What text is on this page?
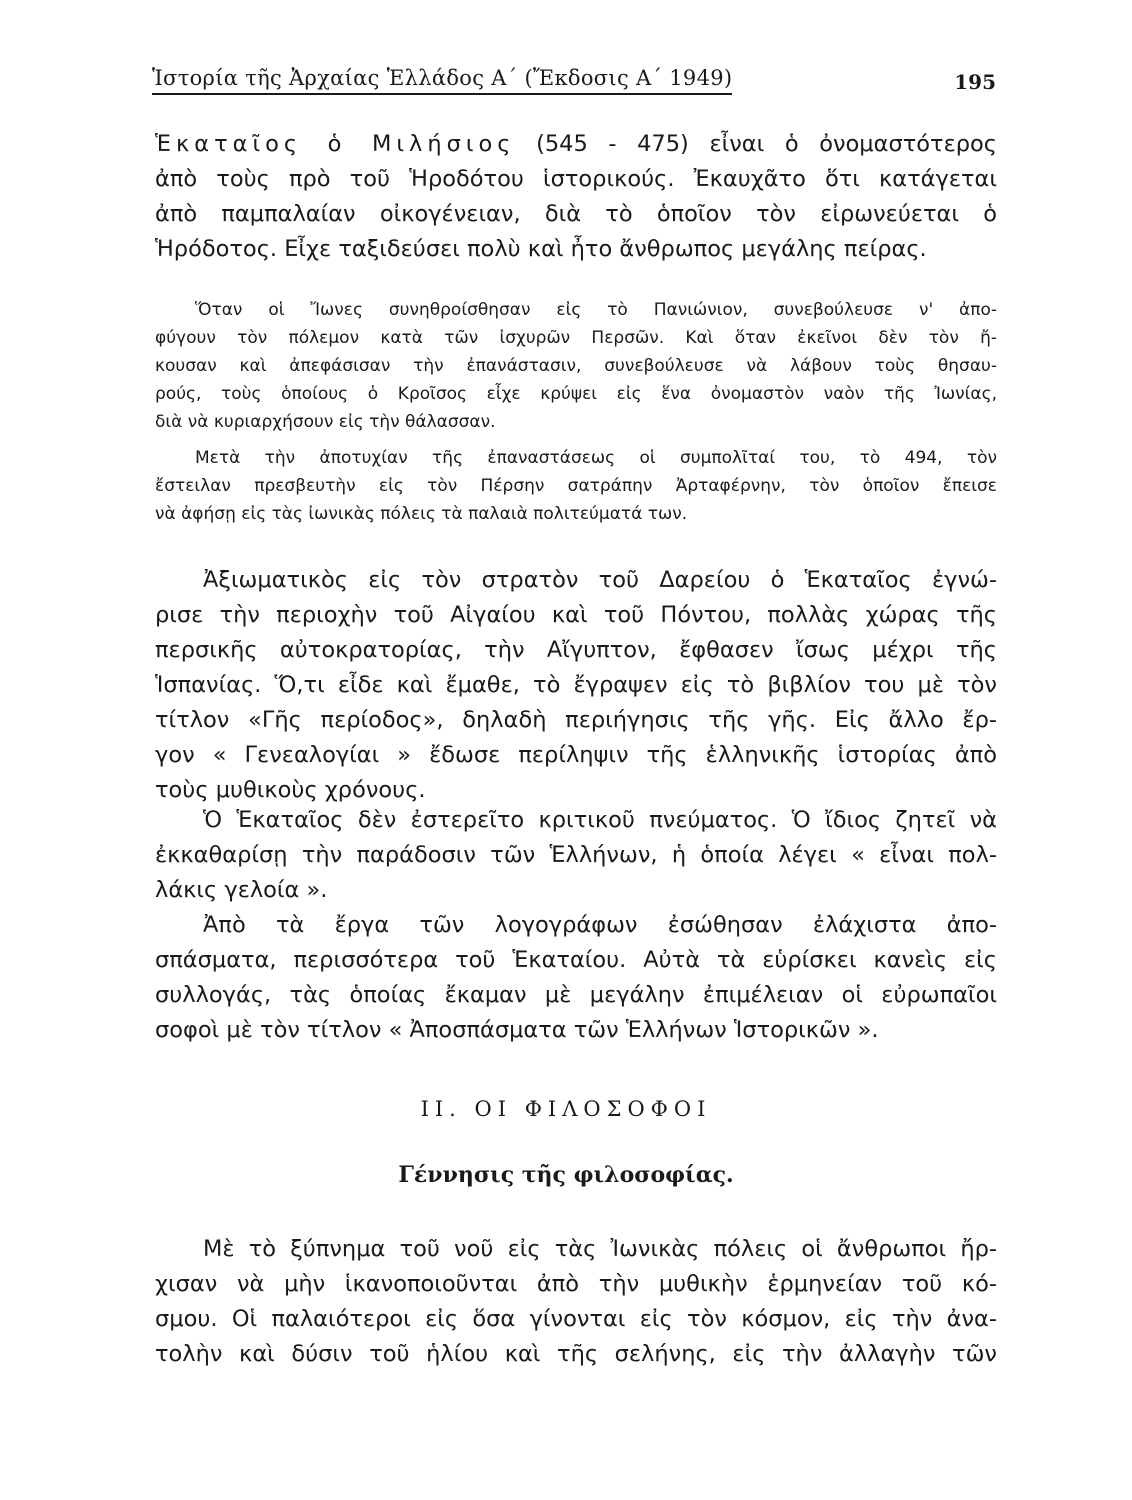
Ἱστορία τῆς Ἀρχαίας Ἑλλάδος Α΄ (Ἔκδοσις Α΄ 1949)	195
Ἑκαταῖος ὁ Μιλήσιος (545 - 475) εἶναι ὁ ὀνομαστότερος
ἀπὸ τοὺς πρὸ τοῦ Ἡροδότου ἱστορικούς. Ἐκαυχᾶτο ὅτι κατάγεται
ἀπὸ παμπαλαίαν οἰκογένειαν, διὰ τὸ ὁποῖον τὸν εἰρωνεύεται ὁ
Ἡρόδοτος. Εἶχε ταξιδεύσει πολὺ καὶ ἦτο ἄνθρωπος μεγάλης πείρας.
Ὅταν οἱ Ἴωνες συνηθροίσθησαν εἰς τὸ Πανιώνιον, συνεβούλευσε ν' ἀπο-
φύγουν τὸν πόλεμον κατὰ τῶν ἰσχυρῶν Περσῶν. Καὶ ὅταν ἐκεῖνοι δὲν τὸν ἤ-
κουσαν καὶ ἀπεφάσισαν τὴν ἐπανάστασιν, συνεβούλευσε νὰ λάβουν τοὺς θησαυ-
ρούς, τοὺς ὁποίους ὁ Κροῖσος εἶχε κρύψει εἰς ἕνα ὀνομαστὸν ναὸν τῆς Ἰωνίας,
διὰ νὰ κυριαρχήσουν εἰς τὴν θάλασσαν.
Μετὰ τὴν ἀποτυχίαν τῆς ἐπαναστάσεως οἱ συμπολῖταί του, τὸ 494, τὸν
ἔστειλαν πρεσβευτὴν εἰς τὸν Πέρσην σατράπην Ἀρταφέρνην, τὸν ὁποῖον ἔπεισε
νὰ ἀφήσῃ εἰς τὰς ἰωνικὰς πόλεις τὰ παλαιὰ πολιτεύματά των.
Ἀξιωματικὸς εἰς τὸν στρατὸν τοῦ Δαρείου ὁ Ἑκαταῖος ἐγνώ-
ρισε τὴν περιοχὴν τοῦ Αἰγαίου καὶ τοῦ Πόντου, πολλὰς χώρας τῆς
περσικῆς αὐτοκρατορίας, τὴν Αἴγυπτον, ἔφθασεν ἴσως μέχρι τῆς
Ἱσπανίας. Ὅ,τι εἶδε καὶ ἔμαθε, τὸ ἔγραψεν εἰς τὸ βιβλίον του μὲ τὸν
τίτλον «Γῆς περίοδος», δηλαδὴ περιήγησις τῆς γῆς. Εἰς ἄλλο ἔρ-
γον « Γενεαλογίαι » ἔδωσε περίληψιν τῆς ἑλληνικῆς ἱστορίας ἀπὸ
τοὺς μυθικοὺς χρόνους.
Ὁ Ἑκαταῖος δὲν ἐστερεῖτο κριτικοῦ πνεύματος. Ὁ ἴδιος ζητεῖ νὰ
ἐκκαθαρίσῃ τὴν παράδοσιν τῶν Ἑλλήνων, ἡ ὁποία λέγει « εἶναι πολ-
λάκις γελοία ».
Ἀπὸ τὰ ἔργα τῶν λογογράφων ἐσώθησαν ἐλάχιστα ἀπο-
σπάσματα, περισσότερα τοῦ Ἑκαταίου. Αὐτὰ τὰ εὑρίσκει κανεὶς εἰς
συλλογάς, τὰς ὁποίας ἔκαμαν μὲ μεγάλην ἐπιμέλειαν οἱ εὐρωπαῖοι
σοφοὶ μὲ τὸν τίτλον « Ἀποσπάσματα τῶν Ἑλλήνων Ἱστορικῶν ».
II. ΟΙ ΦΙΛΟΣΟΦΟΙ
Γέννησις τῆς φιλοσοφίας.
Μὲ τὸ ξύπνημα τοῦ νοῦ εἰς τὰς Ἰωνικὰς πόλεις οἱ ἄνθρωποι ἤρ-
χισαν νὰ μὴν ἱκανοποιοῦνται ἀπὸ τὴν μυθικὴν ἑρμηνείαν τοῦ κό-
σμου. Οἱ παλαιότεροι εἰς ὅσα γίνονται εἰς τὸν κόσμον, εἰς τὴν ἀνα-
τολὴν καὶ δύσιν τοῦ ἡλίου καὶ τῆς σελήνης, εἰς τὴν ἀλλαγὴν τῶν
